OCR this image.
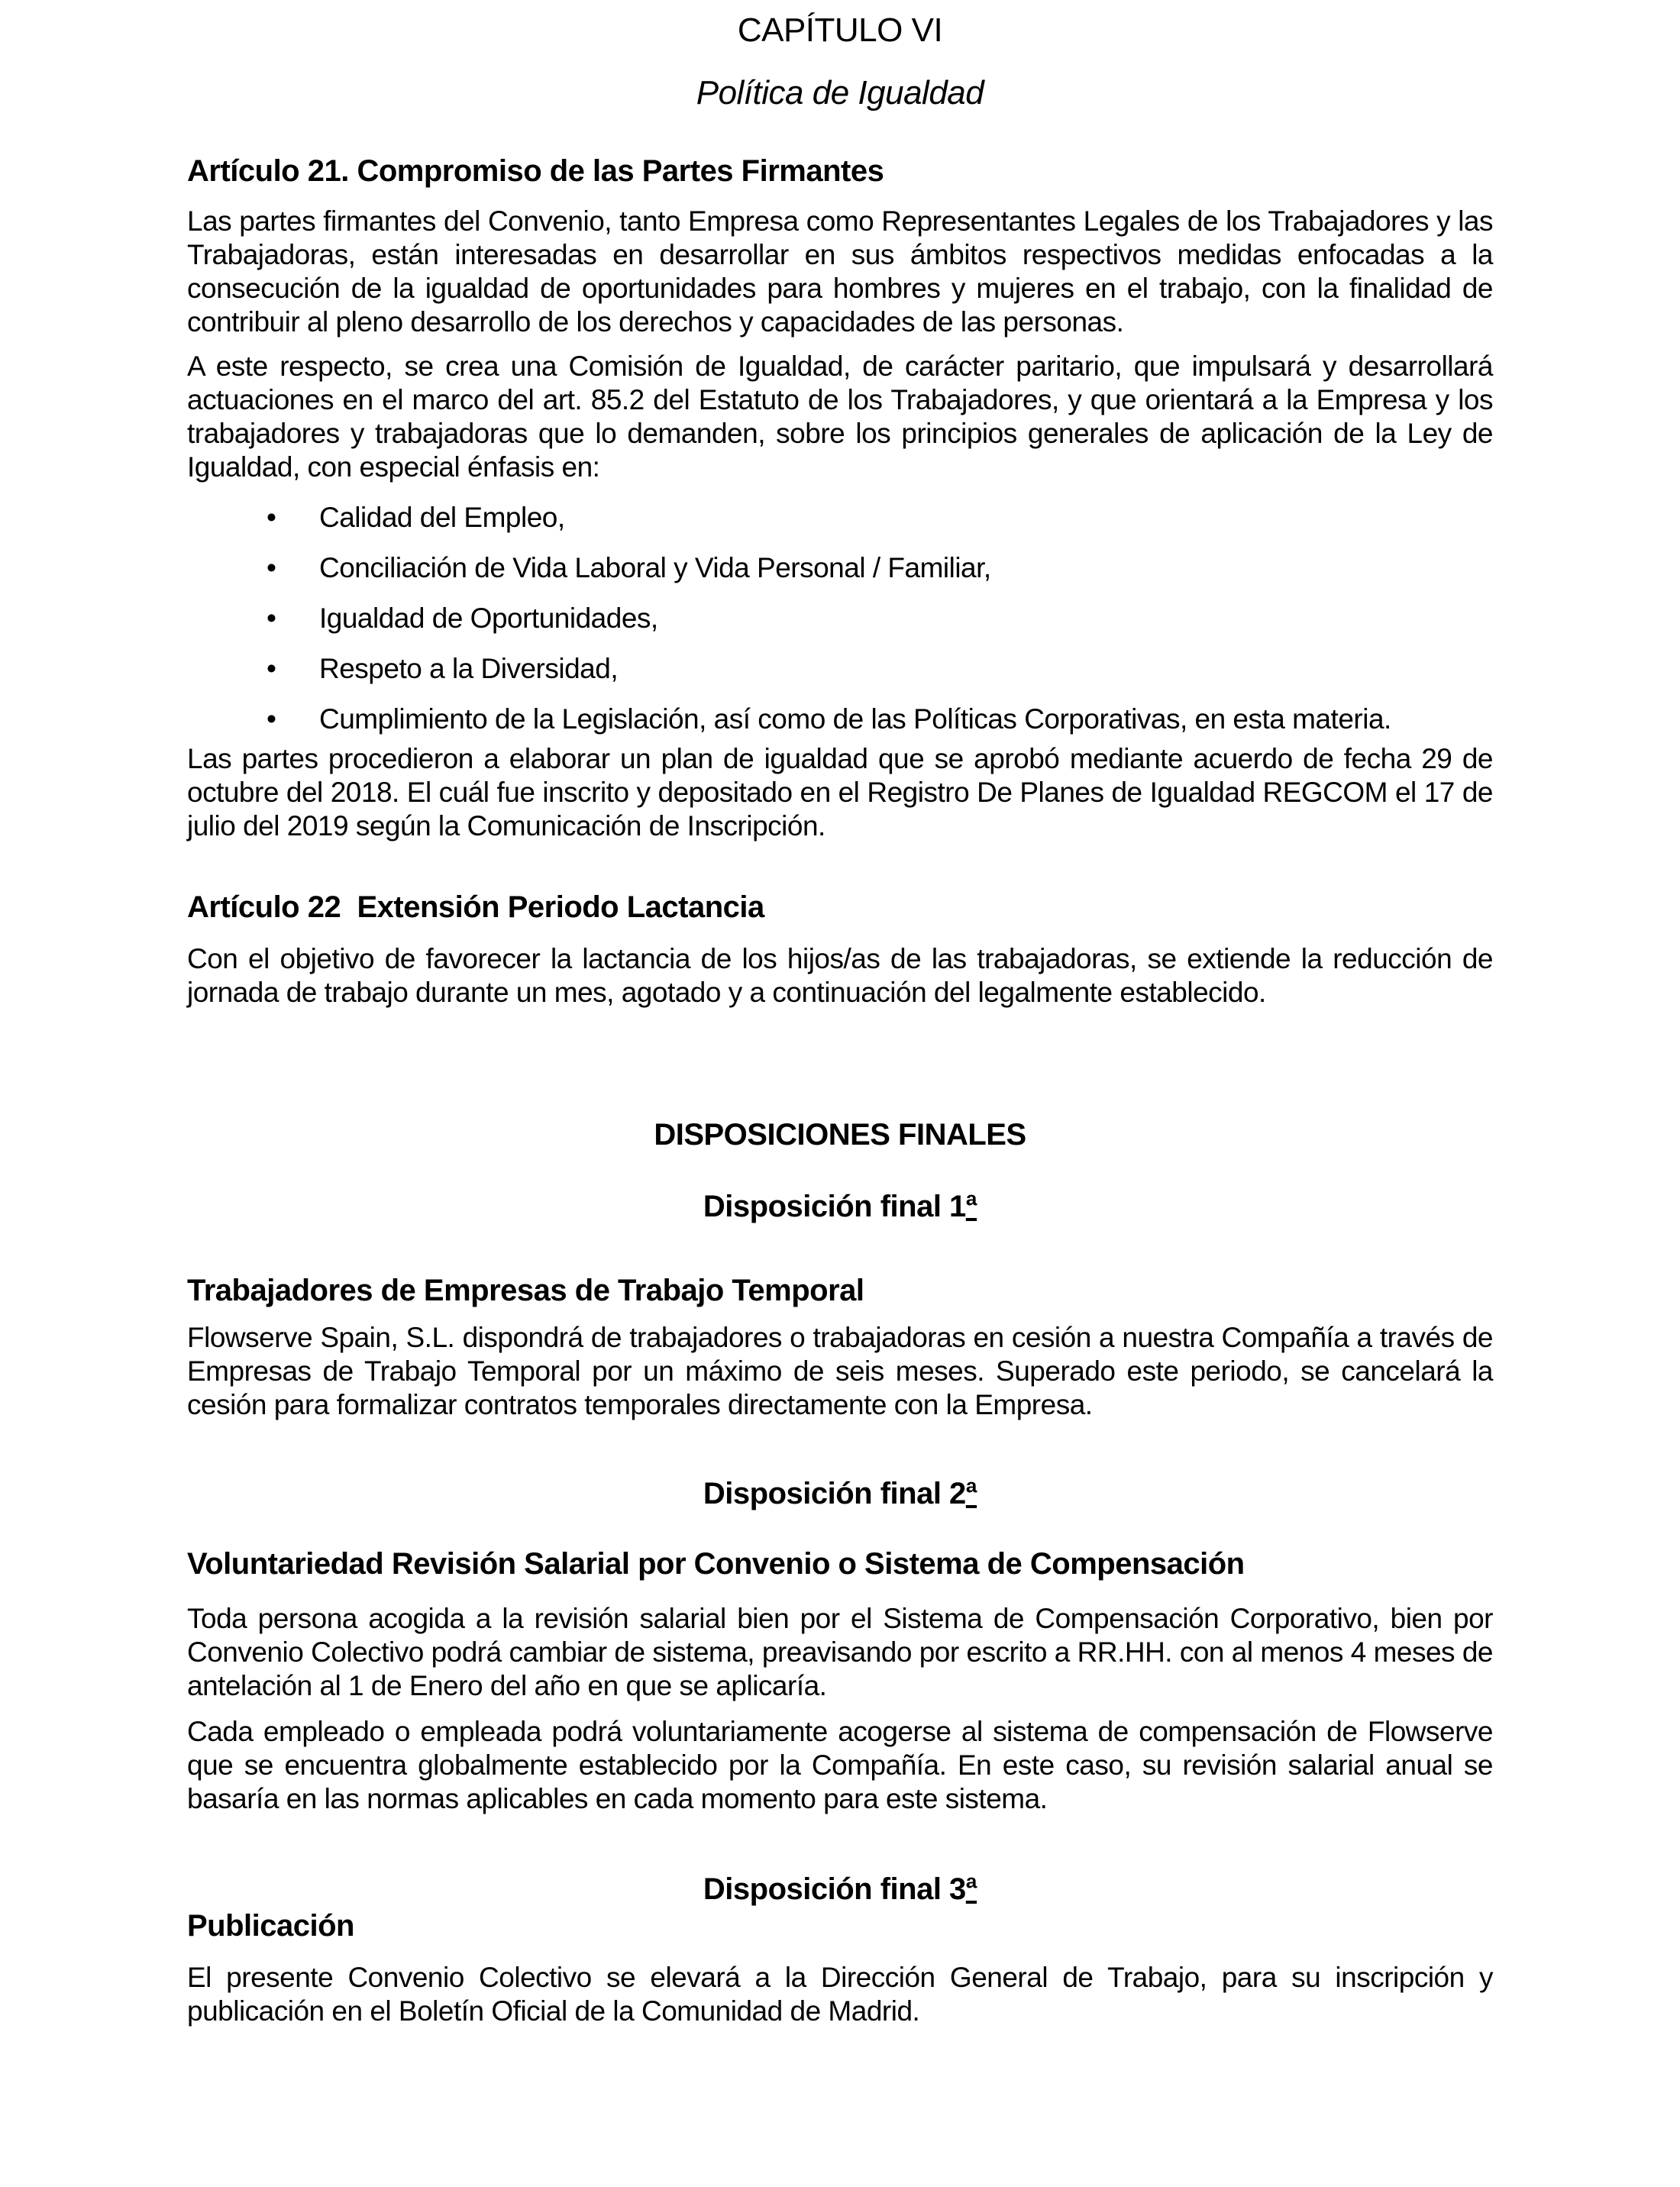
CAPÍTULO VI
Política de Igualdad
Artículo 21. Compromiso de las Partes Firmantes

Las partes firmantes del Convenio, tanto Empresa como Representantes Legales de los Trabajadores y las Trabajadoras, están interesadas en desarrollar en sus ámbitos respectivos medidas enfocadas a la consecución de la igualdad de oportunidades para hombres y mujeres en el trabajo, con la finalidad de contribuir al pleno desarrollo de los derechos y capacidades de las personas.

A este respecto, se crea una Comisión de Igualdad, de carácter paritario, que impulsará y desarrollará actuaciones en el marco del art. 85.2 del Estatuto de los Trabajadores, y que orientará a la Empresa y los trabajadores y trabajadoras que lo demanden, sobre los principios generales de aplicación de la Ley de Igualdad, con especial énfasis en:

• Calidad del Empleo,
• Conciliación de Vida Laboral y Vida Personal / Familiar,
• Igualdad de Oportunidades,
• Respeto a la Diversidad,
• Cumplimiento de la Legislación, así como de las Políticas Corporativas, en esta materia.

Las partes procedieron a elaborar un plan de igualdad que se aprobó mediante acuerdo de fecha 29 de octubre del 2018. El cuál fue inscrito y depositado en el Registro De Planes de Igualdad REGCOM el 17 de julio del 2019 según la Comunicación de Inscripción.

Artículo 22  Extensión Periodo Lactancia

Con el objetivo de favorecer la lactancia de los hijos/as de las trabajadoras, se extiende la reducción de jornada de trabajo durante un mes, agotado y a continuación del legalmente establecido.

DISPOSICIONES FINALES
Disposición final 1ª
Trabajadores de Empresas de Trabajo Temporal

Flowserve Spain, S.L. dispondrá de trabajadores o trabajadoras en cesión a nuestra Compañía a través de Empresas de Trabajo Temporal por un máximo de seis meses. Superado este periodo, se cancelará la cesión para formalizar contratos temporales directamente con la Empresa.

Disposición final 2ª
Voluntariedad Revisión Salarial por Convenio o Sistema de Compensación

Toda persona acogida a la revisión salarial bien por el Sistema de Compensación Corporativo, bien por Convenio Colectivo podrá cambiar de sistema, preavisando por escrito a RR.HH. con al menos 4 meses de antelación al 1 de Enero del año en que se aplicaría.

Cada empleado o empleada podrá voluntariamente acogerse al sistema de compensación de Flowserve que se encuentra globalmente establecido por la Compañía. En este caso, su revisión salarial anual se basaría en las normas aplicables en cada momento para este sistema.

Disposición final 3ª
Publicación

El presente Convenio Colectivo se elevará a la Dirección General de Trabajo, para su inscripción y publicación en el Boletín Oficial de la Comunidad de Madrid.
